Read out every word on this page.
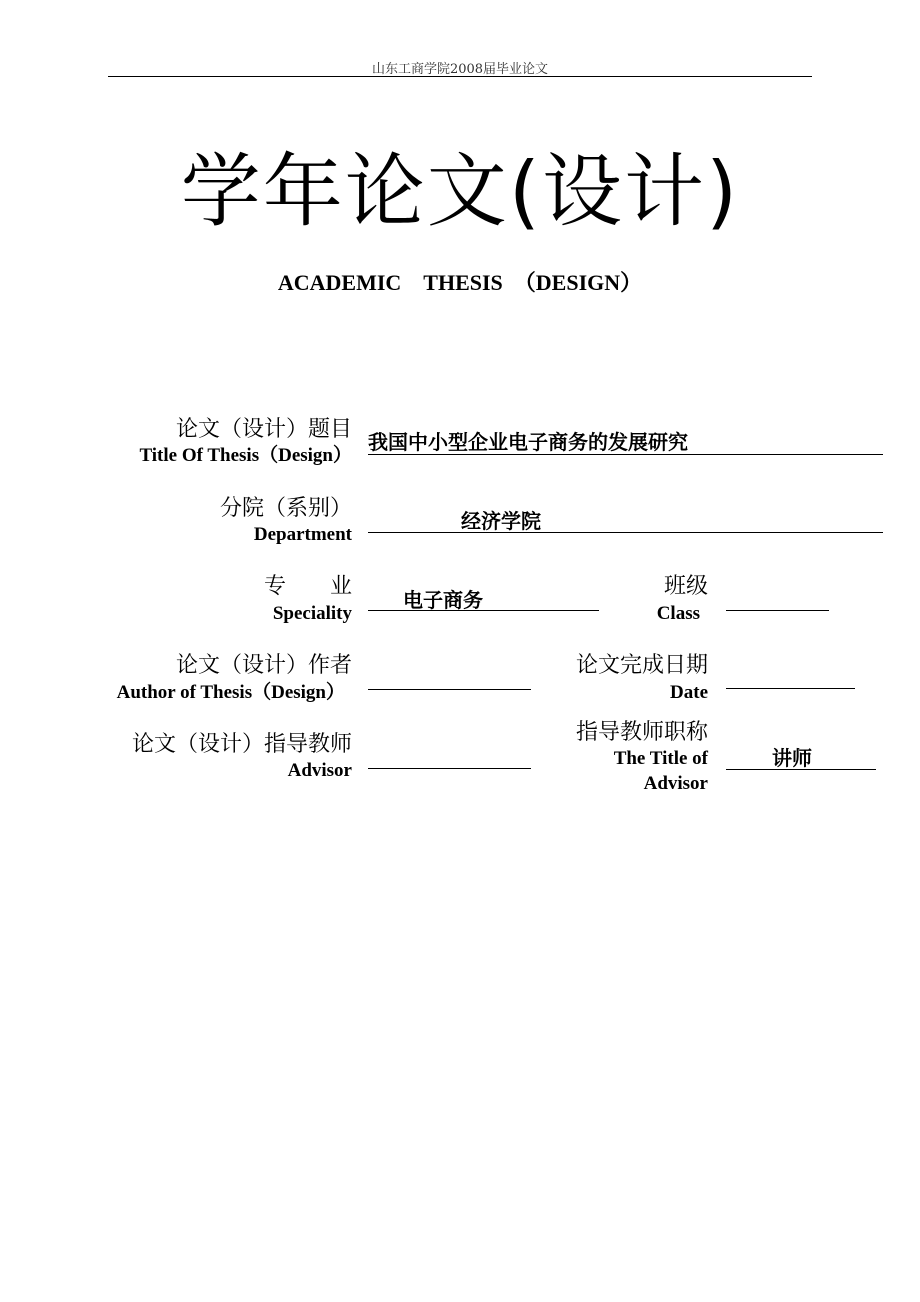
山东工商学院2008届毕业论文
学年论文(设计)
ACADEMIC　THESIS　（DESIGN）
论文（设计）题目
Title Of Thesis（Design）
我国中小型企业电子商务的发展研究
分院（系别）
Department
经济学院
专　　业
Speciality
电子商务
班级
Class
论文（设计）作者
Author of Thesis（Design）
论文完成日期
Date
论文（设计）指导教师
Advisor
指导教师职称
The Title of
Advisor
讲师
